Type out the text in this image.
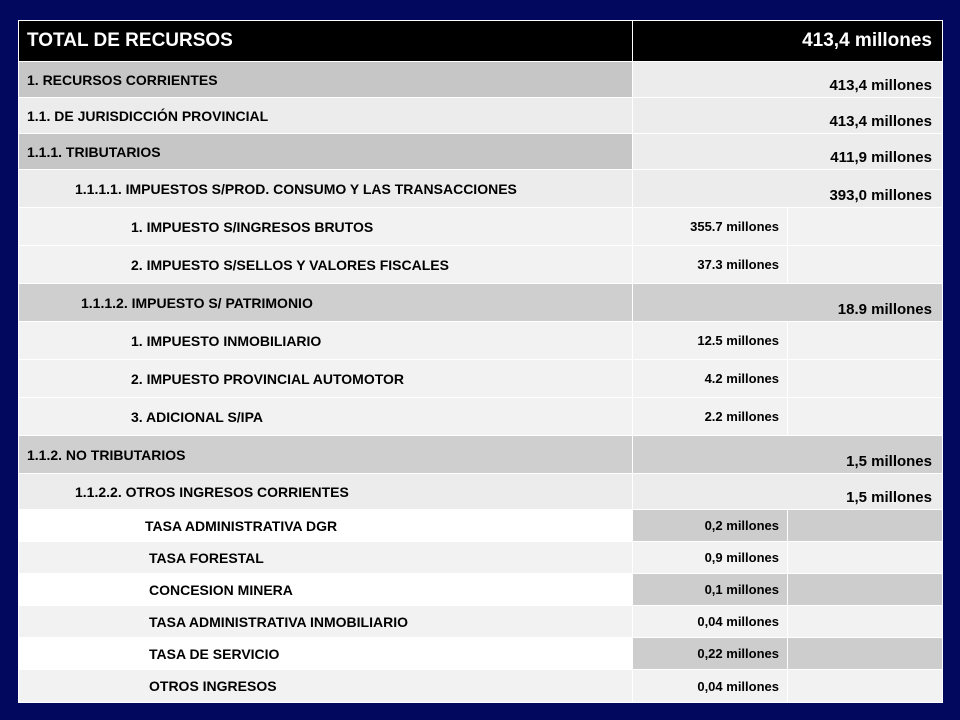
TOTAL DE RECURSOS	413,4 millones	
1. RECURSOS CORRIENTES	413,4 millones	
1.1. DE JURISDICCIÓN PROVINCIAL	413,4 millones	
1.1.1. TRIBUTARIOS	411,9 millones	
1.1.1.1. IMPUESTOS S/PROD. CONSUMO Y LAS TRANSACCIONES	393,0 millones	
1. IMPUESTO S/INGRESOS BRUTOS	355.7 millones	
2. IMPUESTO S/SELLOS Y VALORES FISCALES	37.3 millones	
1.1.1.2. IMPUESTO S/ PATRIMONIO	18.9 millones	
1. IMPUESTO INMOBILIARIO	12.5 millones	
2. IMPUESTO PROVINCIAL AUTOMOTOR	4.2 millones	
3. ADICIONAL S/IPA	2.2 millones	
1.1.2. NO TRIBUTARIOS	1,5 millones	
1.1.2.2. OTROS INGRESOS CORRIENTES	1,5 millones	
TASA ADMINISTRATIVA DGR	0,2 millones	
TASA FORESTAL	0,9 millones	
CONCESION MINERA	0,1 millones	
TASA ADMINISTRATIVA INMOBILIARIO	0,04 millones	
TASA DE SERVICIO	0,22 millones	
OTROS INGRESOS	0,04 millones	
